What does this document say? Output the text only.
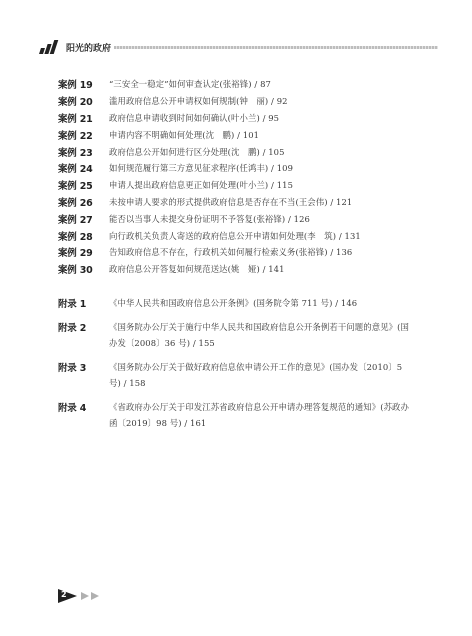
阳光的政府
案例 19	“三安全一稳定”如何审查认定(张裕锋) / 87
案例 20	滥用政府信息公开申请权如何规制(钟　丽) / 92
案例 21	政府信息申请收到时间如何确认(叶小兰) / 95
案例 22	申请内容不明确如何处理(沈　鹏) / 101
案例 23	政府信息公开如何进行区分处理(沈　鹏) / 105
案例 24	如何规范履行第三方意见征求程序(任鸿丰) / 109
案例 25	申请人提出政府信息更正如何处理(叶小兰) / 115
案例 26	未按申请人要求的形式提供政府信息是否存在不当(王会伟) / 121
案例 27	能否以当事人未提交身份证明不予答复(张裕锋) / 126
案例 28	向行政机关负责人寄送的政府信息公开申请如何处理(李　筑) / 131
案例 29	告知政府信息不存在，行政机关如何履行检索义务(张裕锋) / 136
案例 30	政府信息公开答复如何规范送达(姚　娅) / 141
附录 1	《中华人民共和国政府信息公开条例》(国务院令第 711 号) / 146
附录 2	《国务院办公厅关于施行中华人民共和国政府信息公开条例若干问题的意见》(国办发〔2008〕36 号) / 155
附录 3	《国务院办公厅关于做好政府信息依申请公开工作的意见》(国办发〔2010〕5 号) / 158
附录 4	《省政府办公厅关于印发江苏省政府信息公开申请办理答复规范的通知》(苏政办函〔2019〕98 号) / 161
2
